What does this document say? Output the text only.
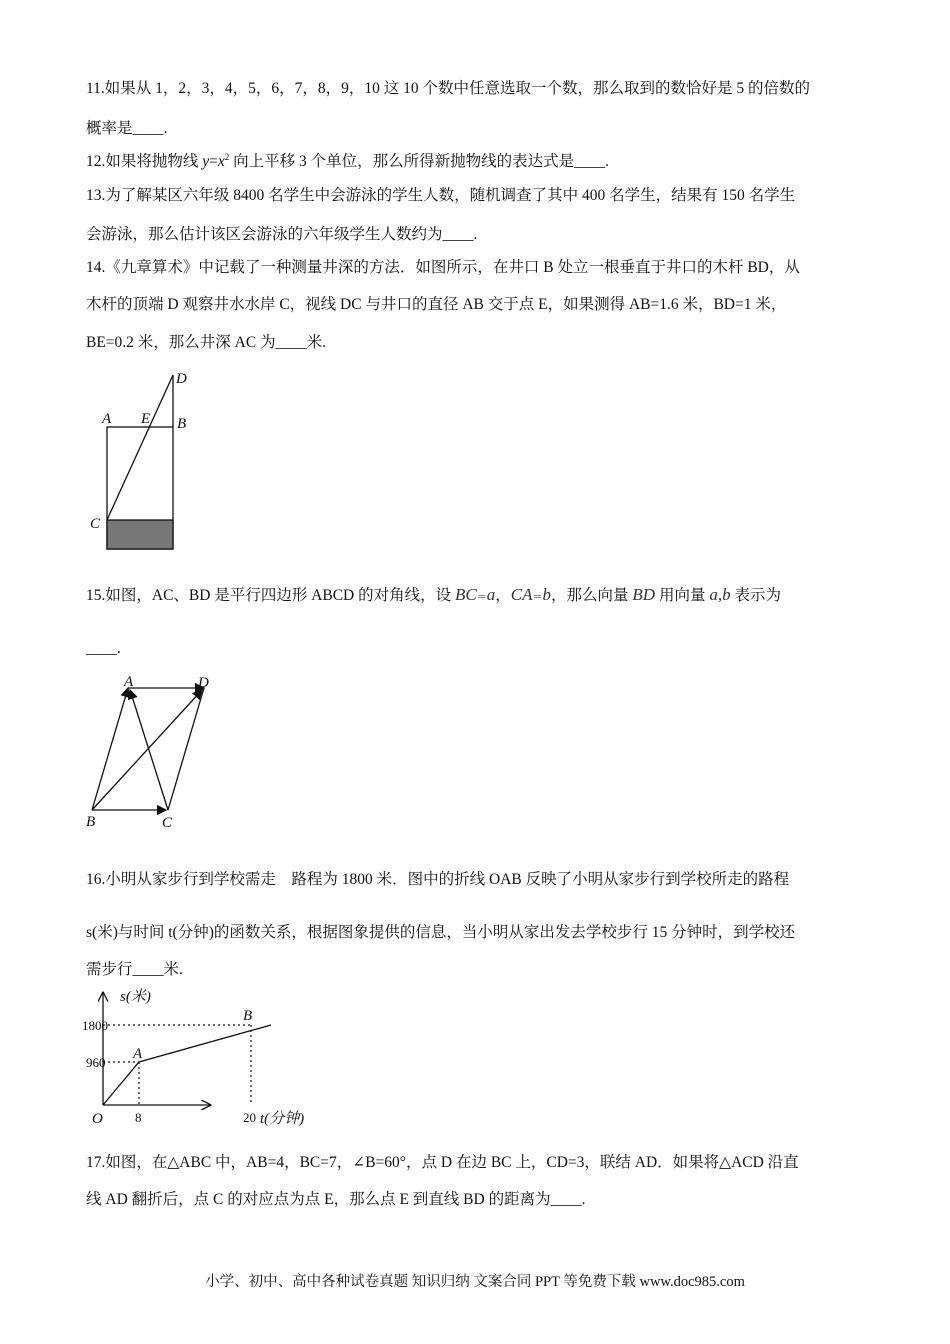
11.如果从 1，2，3，4，5，6，7，8，9，10 这 10 个数中任意选取一个数，那么取到的数恰好是 5 的倍数的
概率是____.
12.如果将抛物线 $y=x^2$ 向上平移 3 个单位，那么所得新抛物线的表达式是____.
13.为了解某区六年级 8400 名学生中会游泳的学生人数，随机调查了其中 400 名学生，结果有 150 名学生
会游泳，那么估计该区会游泳的六年级学生人数约为____.
14.《九章算术》中记载了一种测量井深的方法．如图所示，在井口 B 处立一根垂直于井口的木杆 BD，从
木杆的顶端 D 观察井水水岸 C，视线 DC 与井口的直径 AB 交于点 E，如果测得 AB=1.6 米，BD=1 米，
BE=0.2 米，那么井深 AC 为____米.
A E B
C
D
15.如图，AC、BD 是平行四边形 ABCD 的对角线，设 BC＝a，CA＝b，那么向量 BD 用向量 a,b 表示为
____.
A	D
B	C
16.小明从家步行到学校需走　路程为 1800 米．图中的折线 OAB 反映了小明从家步行到学校所走的路程
s(米)与时间 t(分钟)的函数关系，根据图象提供的信息，当小明从家出发去学校步行 15 分钟时，到学校还
需步行____米.
s(米)
B
A
1800
960
O 8	20 t(分钟)
17.如图，在△ABC 中，AB=4，BC=7，∠B=60°，点 D 在边 BC 上，CD=3，联结 AD．如果将△ACD 沿直
线 AD 翻折后，点 C 的对应点为点 E，那么点 E 到直线 BD 的距离为____.
小学、初中、高中各种试卷真题 知识归纳 文案合同 PPT 等免费下载 www.doc985.com
